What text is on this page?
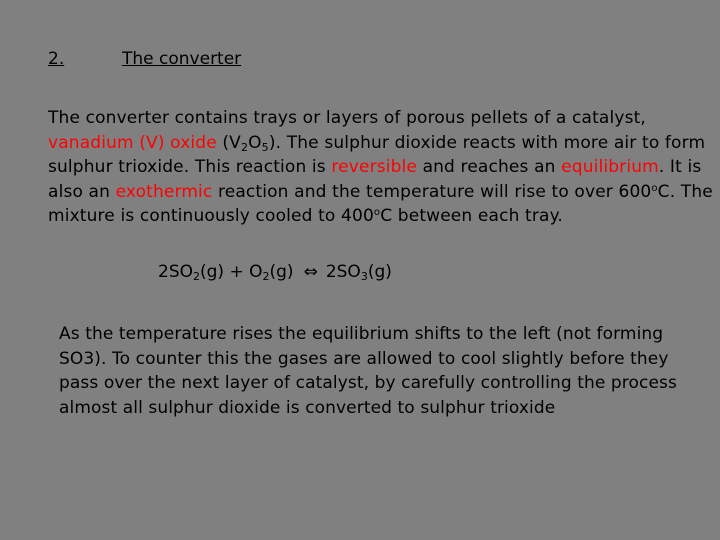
2.	The converter
The converter contains trays or layers of porous pellets of a catalyst, vanadium (V) oxide $(V_2O_5)$. The sulphur dioxide reacts with more air to form sulphur trioxide. This reaction is reversible and reaches an equilibrium. It is also an exothermic reaction and the temperature will rise to over 600$^o$C. The mixture is continuously cooled to 400$^o$C between each tray.
$2SO_2(g) + O_2(g)$ ⇔ $2SO_3(g)$
As the temperature rises the equilibrium shifts to the left (not forming SO3). To counter this the gases are allowed to cool slightly before they pass over the next layer of catalyst, by carefully controlling the process almost all sulphur dioxide is converted to sulphur trioxide
